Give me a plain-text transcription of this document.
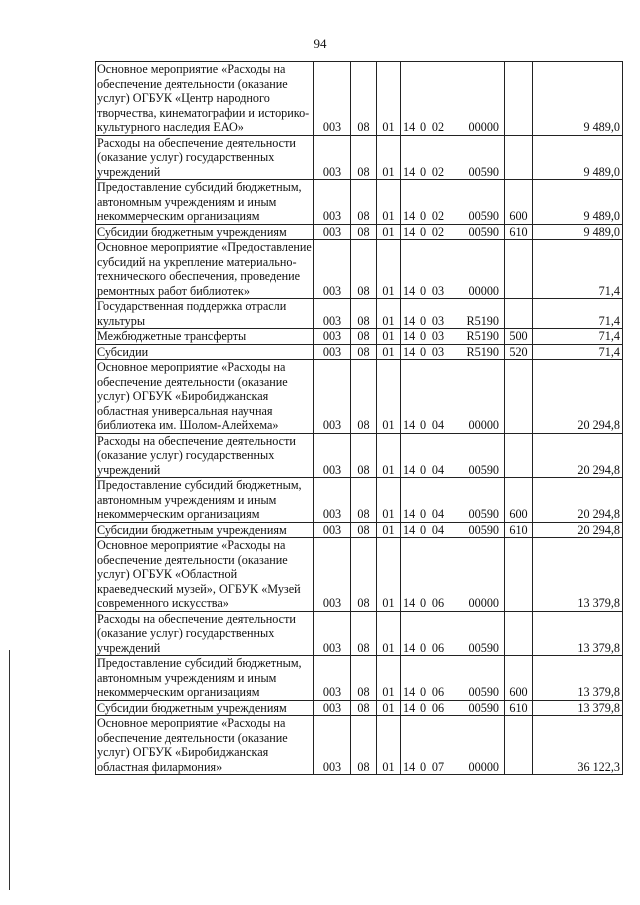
94
Основное мероприятие «Расходы на обеспечение деятельности (оказание услуг) ОГБУК «Центр народного творчества, кинематографии и историко-культурного наследия ЕАО»	003	08	01	14 0 02 00000		9 489,0
Расходы на обеспечение деятельности (оказание услуг) государственных учреждений	003	08	01	14 0 02 00590		9 489,0
Предоставление субсидий бюджетным, автономным учреждениям и иным некоммерческим организациям	003	08	01	14 0 02 00590	600	9 489,0
Субсидии бюджетным учреждениям	003	08	01	14 0 02 00590	610	9 489,0
Основное мероприятие «Предоставление субсидий на укрепление материально-технического обеспечения, проведение ремонтных работ библиотек»	003	08	01	14 0 03 00000		71,4
Государственная поддержка отрасли культуры	003	08	01	14 0 03 R5190		71,4
Межбюджетные трансферты	003	08	01	14 0 03 R5190	500	71,4
Субсидии	003	08	01	14 0 03 R5190	520	71,4
Основное мероприятие «Расходы на обеспечение деятельности (оказание услуг) ОГБУК «Биробиджанская областная универсальная научная библиотека им. Шолом-Алейхема»	003	08	01	14 0 04 00000		20 294,8
Расходы на обеспечение деятельности (оказание услуг) государственных учреждений	003	08	01	14 0 04 00590		20 294,8
Предоставление субсидий бюджетным, автономным учреждениям и иным некоммерческим организациям	003	08	01	14 0 04 00590	600	20 294,8
Субсидии бюджетным учреждениям	003	08	01	14 0 04 00590	610	20 294,8
Основное мероприятие «Расходы на обеспечение деятельности (оказание услуг) ОГБУК «Областной краеведческий музей», ОГБУК «Музей современного искусства»	003	08	01	14 0 06 00000		13 379,8
Расходы на обеспечение деятельности (оказание услуг) государственных учреждений	003	08	01	14 0 06 00590		13 379,8
Предоставление субсидий бюджетным, автономным учреждениям и иным некоммерческим организациям	003	08	01	14 0 06 00590	600	13 379,8
Субсидии бюджетным учреждениям	003	08	01	14 0 06 00590	610	13 379,8
Основное мероприятие «Расходы на обеспечение деятельности (оказание услуг) ОГБУК «Биробиджанская областная филармония»	003	08	01	14 0 07 00000		36 122,3
